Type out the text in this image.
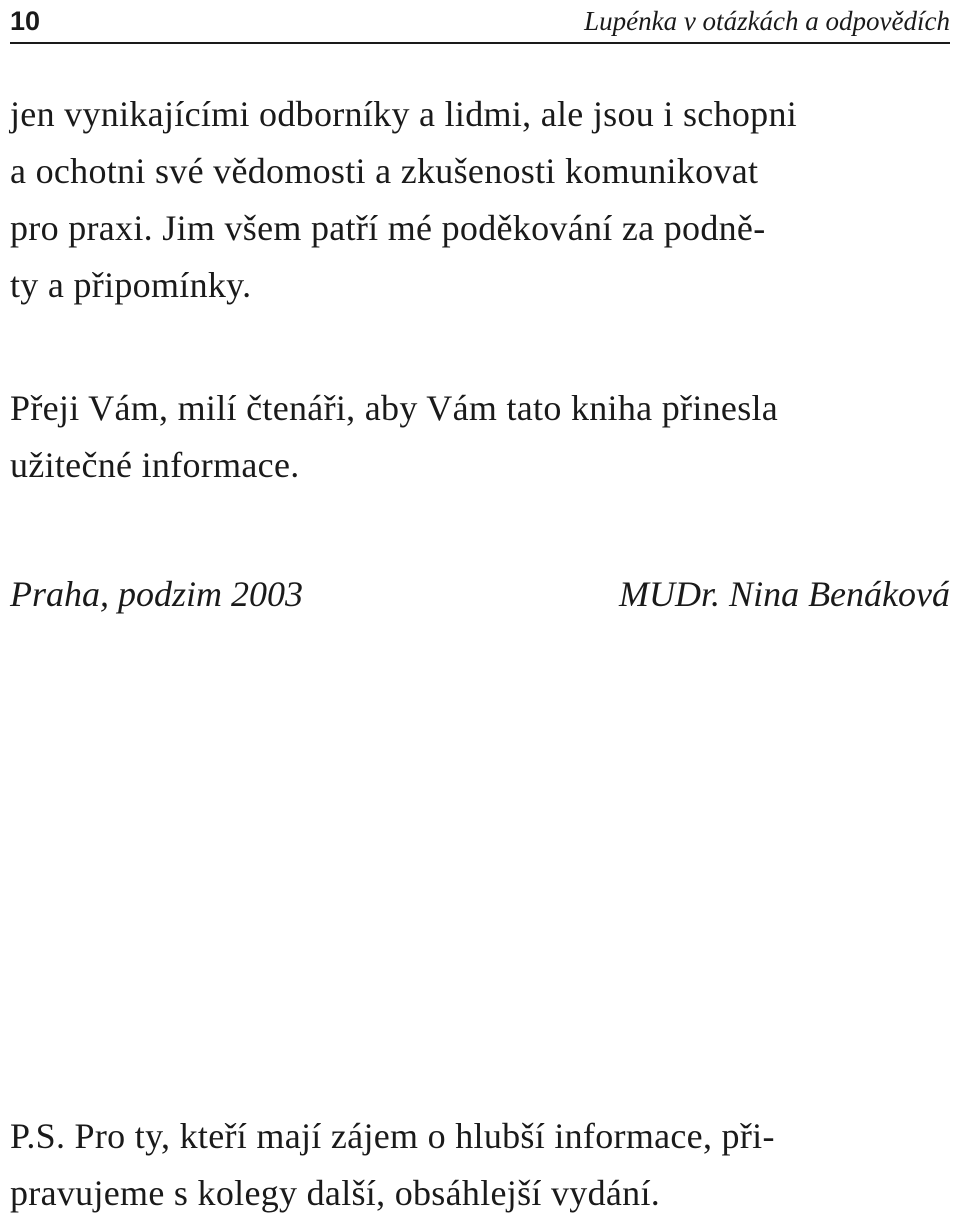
10	Lupénka v otázkách a odpovědích

jen vynikajícími odborníky a lidmi, ale jsou i schopni
a ochotni své vědomosti a zkušenosti komunikovat
pro praxi. Jim všem patří mé poděkování za podně-
ty a připomínky.

Přeji Vám, milí čtenáři, aby Vám tato kniha přinesla
užitečné informace.

Praha, podzim 2003	MUDr. Nina Benáková

P.S. Pro ty, kteří mají zájem o hlubší informace, při-
pravujeme s kolegy další, obsáhlejší vydání.
